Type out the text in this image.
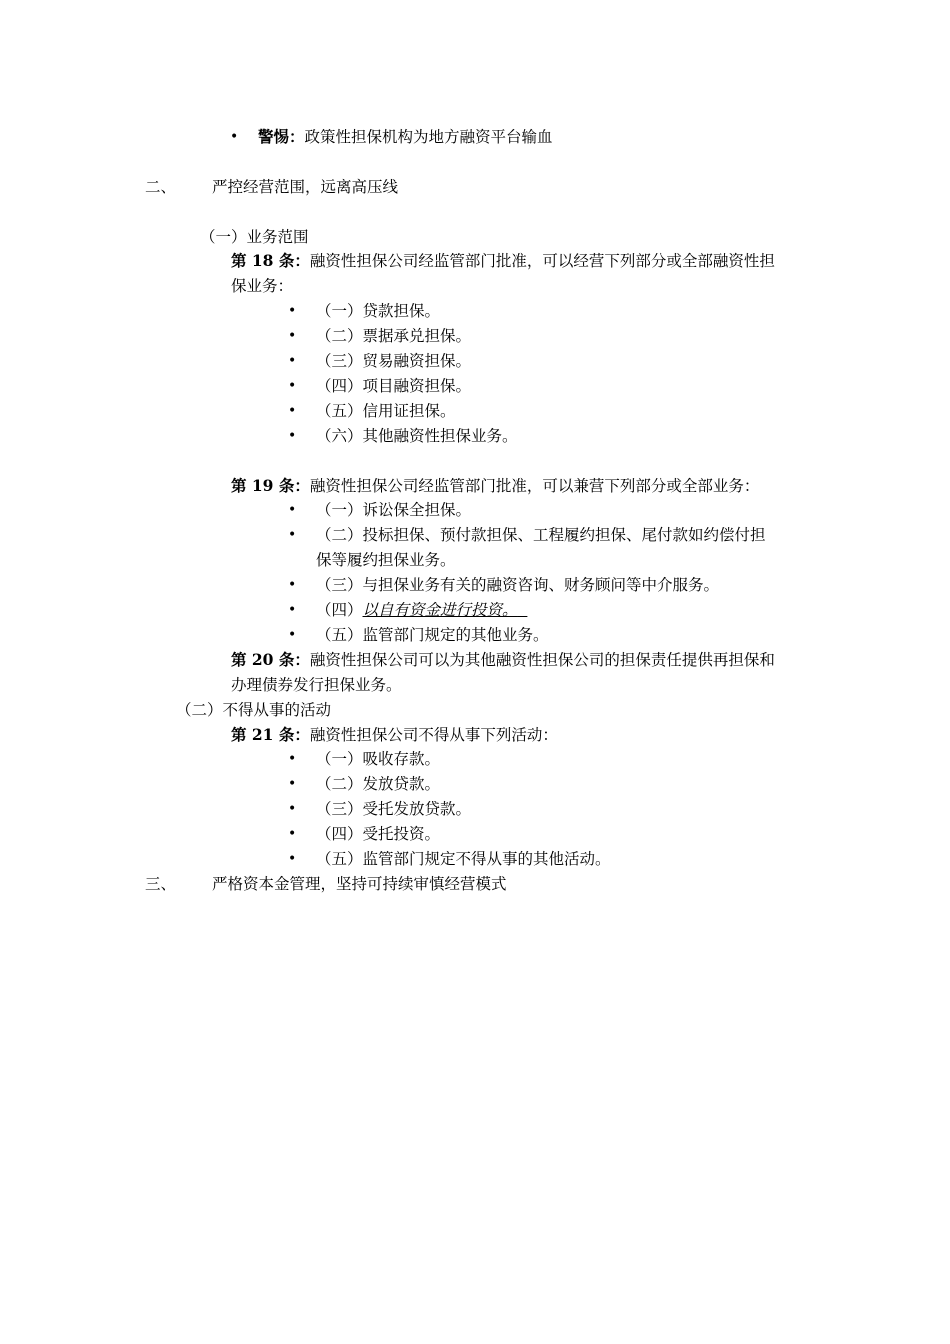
• 警惕：政策性担保机构为地方融资平台输血
二、 严控经营范围，远离高压线
（一）业务范围
第 18 条：融资性担保公司经监管部门批准，可以经营下列部分或全部融资性担
保业务：
• （一）贷款担保。
• （二）票据承兑担保。
• （三）贸易融资担保。
• （四）项目融资担保。
• （五）信用证担保。
• （六）其他融资性担保业务。
第 19 条：融资性担保公司经监管部门批准，可以兼营下列部分或全部业务：
• （一）诉讼保全担保。
• （二）投标担保、预付款担保、工程履约担保、尾付款如约偿付担
保等履约担保业务。
• （三）与担保业务有关的融资咨询、财务顾问等中介服务。
• （四）以自有资金进行投资。
• （五）监管部门规定的其他业务。
第 20 条：融资性担保公司可以为其他融资性担保公司的担保责任提供再担保和
办理债券发行担保业务。
（二）不得从事的活动
第 21 条：融资性担保公司不得从事下列活动：
• （一）吸收存款。
• （二）发放贷款。
• （三）受托发放贷款。
• （四）受托投资。
• （五）监管部门规定不得从事的其他活动。
三、 严格资本金管理，坚持可持续审慎经营模式
